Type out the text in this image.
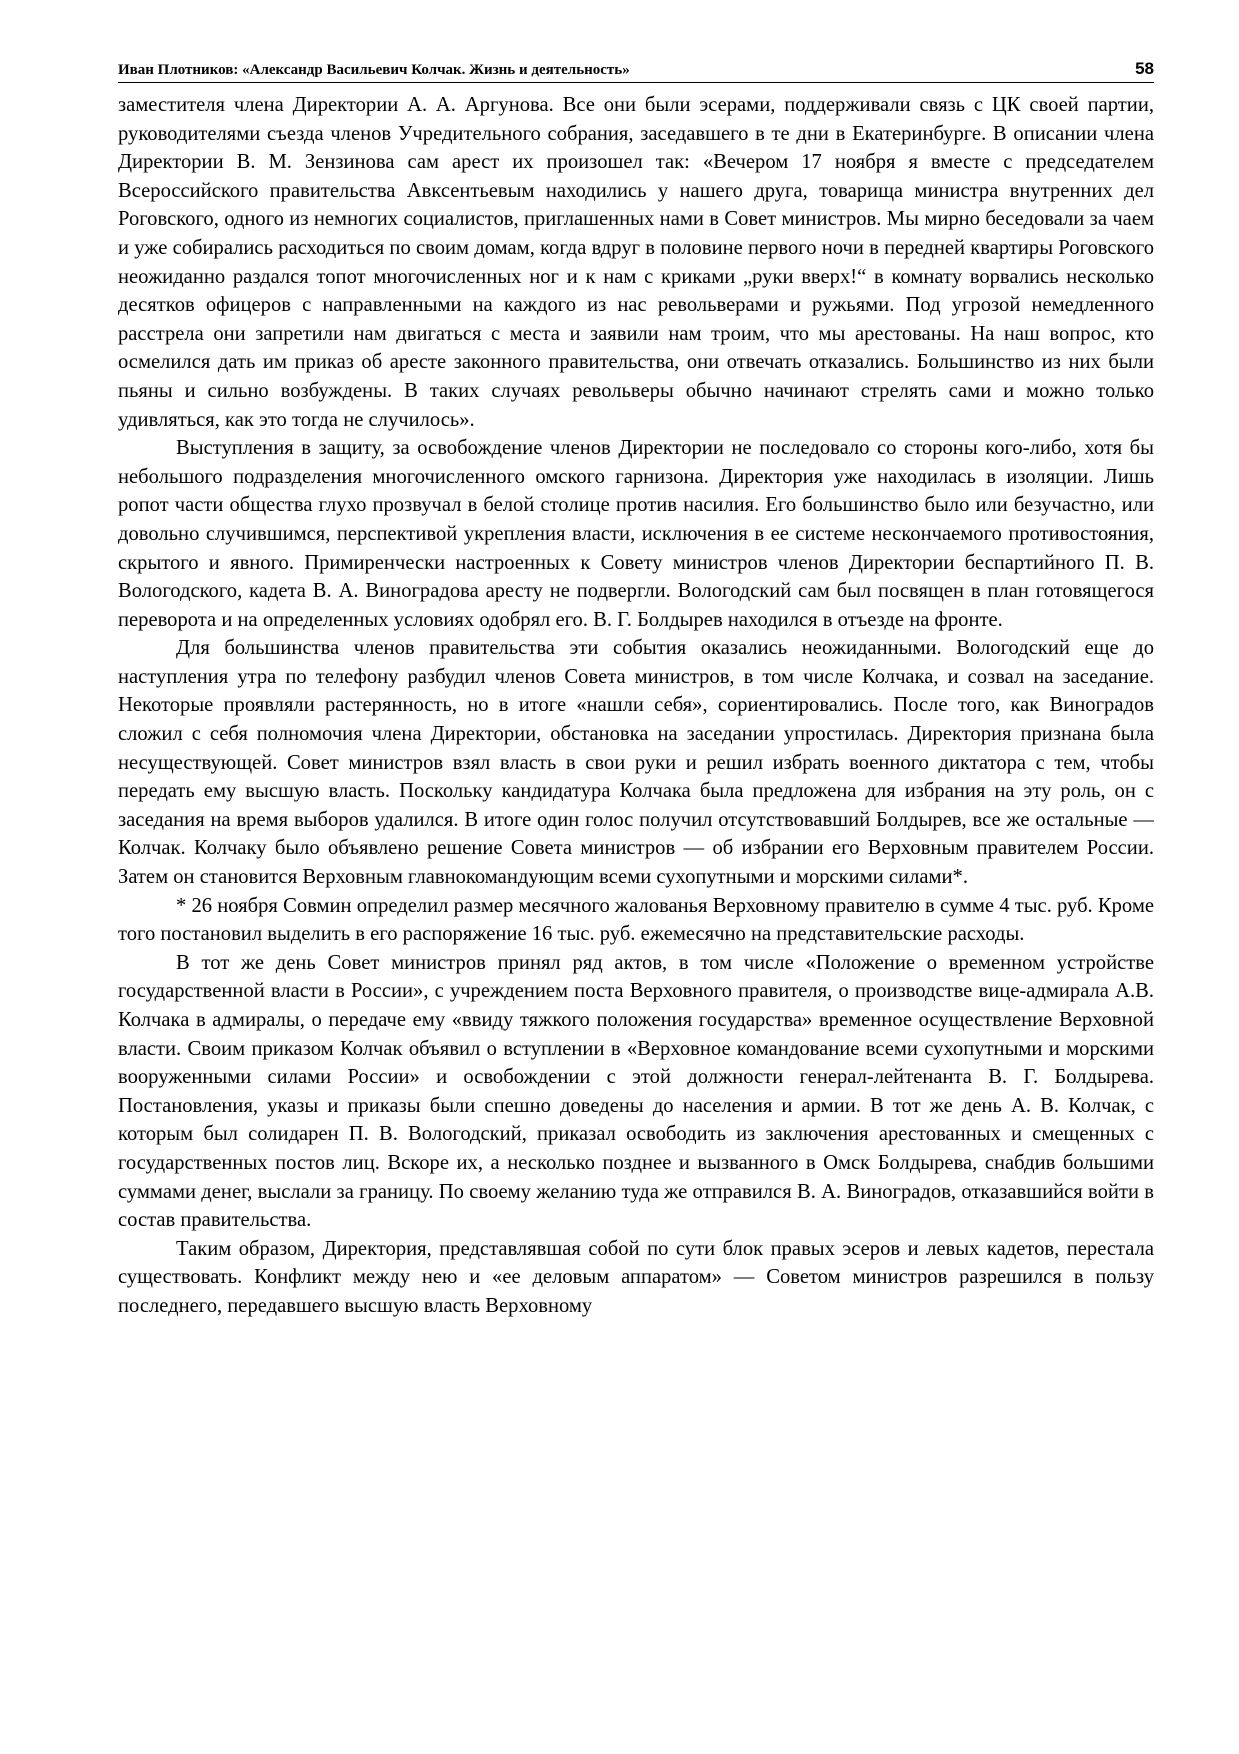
Иван Плотников: «Александр Васильевич Колчак. Жизнь и деятельность»	58

заместителя члена Директории А. А. Аргунова. Все они были эсерами, поддерживали связь с ЦК своей партии, руководителями съезда членов Учредительного собрания, заседавшего в те дни в Екатеринбурге. В описании члена Директории В. М. Зензинова сам арест их произошел так: «Вечером 17 ноября я вместе с председателем Всероссийского правительства Авксентьевым находились у нашего друга, товарища министра внутренних дел Роговского, одного из немногих социалистов, приглашенных нами в Совет министров. Мы мирно беседовали за чаем и уже собирались расходиться по своим домам, когда вдруг в половине первого ночи в передней квартиры Роговского неожиданно раздался топот многочисленных ног и к нам с криками „руки вверх!“ в комнату ворвались несколько десятков офицеров с направленными на каждого из нас револьверами и ружьями. Под угрозой немедленного расстрела они запретили нам двигаться с места и заявили нам троим, что мы арестованы. На наш вопрос, кто осмелился дать им приказ об аресте законного правительства, они отвечать отказались. Большинство из них были пьяны и сильно возбуждены. В таких случаях револьверы обычно начинают стрелять сами и можно только удивляться, как это тогда не случилось».

Выступления в защиту, за освобождение членов Директории не последовало со стороны кого-либо, хотя бы небольшого подразделения многочисленного омского гарнизона. Директория уже находилась в изоляции. Лишь ропот части общества глухо прозвучал в белой столице против насилия. Его большинство было или безучастно, или довольно случившимся, перспективой укрепления власти, исключения в ее системе нескончаемого противостояния, скрытого и явного. Примиренчески настроенных к Совету министров членов Директории беспартийного П. В. Вологодского, кадета В. А. Виноградова аресту не подвергли. Вологодский сам был посвящен в план готовящегося переворота и на определенных условиях одобрял его. В. Г. Болдырев находился в отъезде на фронте.

Для большинства членов правительства эти события оказались неожиданными. Вологодский еще до наступления утра по телефону разбудил членов Совета министров, в том числе Колчака, и созвал на заседание. Некоторые проявляли растерянность, но в итоге «нашли себя», сориентировались. После того, как Виноградов сложил с себя полномочия члена Директории, обстановка на заседании упростилась. Директория признана была несуществующей. Совет министров взял власть в свои руки и решил избрать военного диктатора с тем, чтобы передать ему высшую власть. Поскольку кандидатура Колчака была предложена для избрания на эту роль, он с заседания на время выборов удалился. В итоге один голос получил отсутствовавший Болдырев, все же остальные — Колчак. Колчаку было объявлено решение Совета министров — об избрании его Верховным правителем России. Затем он становится Верховным главнокомандующим всеми сухопутными и морскими силами*.

* 26 ноября Совмин определил размер месячного жалованья Верховному правителю в сумме 4 тыс. руб. Кроме того постановил выделить в его распоряжение 16 тыс. руб. ежемесячно на представительские расходы.

В тот же день Совет министров принял ряд актов, в том числе «Положение о временном устройстве государственной власти в России», с учреждением поста Верховного правителя, о производстве вице-адмирала А.В. Колчака в адмиралы, о передаче ему «ввиду тяжкого положения государства» временное осуществление Верховной власти. Своим приказом Колчак объявил о вступлении в «Верховное командование всеми сухопутными и морскими вооруженными силами России» и освобождении с этой должности генерал-лейтенанта В. Г. Болдырева. Постановления, указы и приказы были спешно доведены до населения и армии. В тот же день А. В. Колчак, с которым был солидарен П. В. Вологодский, приказал освободить из заключения арестованных и смещенных с государственных постов лиц. Вскоре их, а несколько позднее и вызванного в Омск Болдырева, снабдив большими суммами денег, выслали за границу. По своему желанию туда же отправился В. А. Виноградов, отказавшийся войти в состав правительства.

Таким образом, Директория, представлявшая собой по сути блок правых эсеров и левых кадетов, перестала существовать. Конфликт между нею и «ее деловым аппаратом» — Советом министров разрешился в пользу последнего, передавшего высшую власть Верховному
